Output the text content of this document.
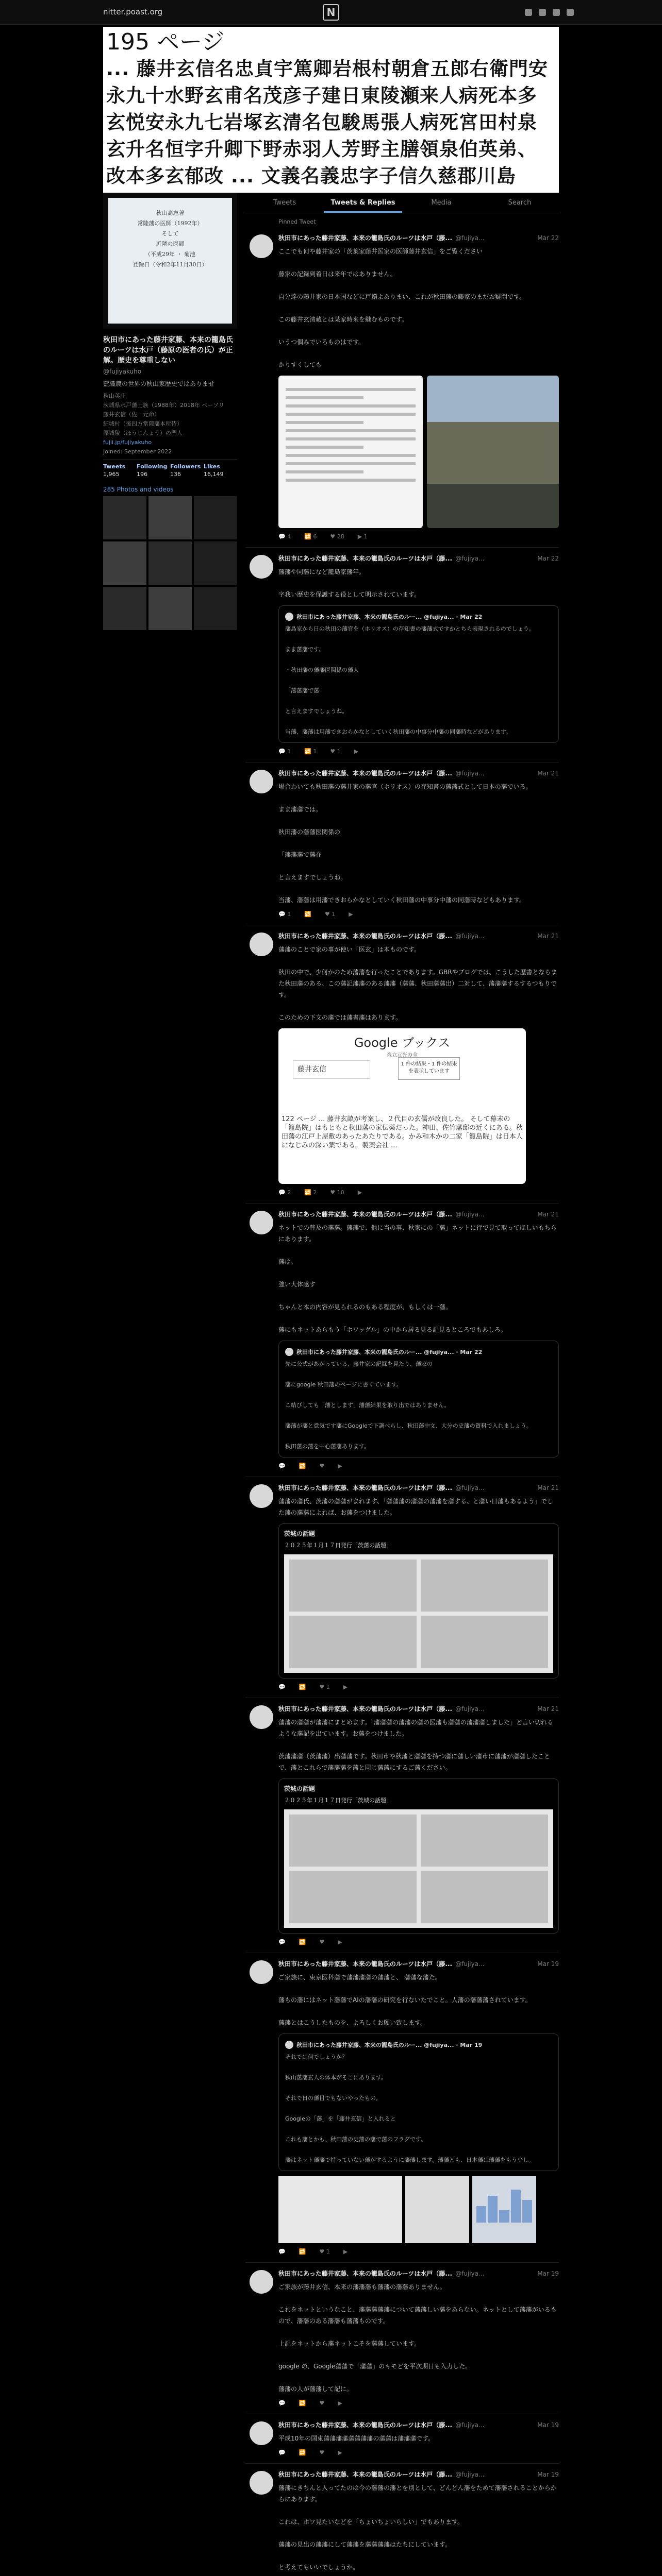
nitter.poast.org	N

195 ページ
... 藤井玄信名忠貞宇篤卿岩根村朝倉五郎右衛門安永九十水野玄甫名茂彦子建日東陵瀬来人病死本多玄悦安永九七岩塚玄清名包駿馬張人病死宮田村泉玄升名恒字升卿下野赤羽人芳野主膳領泉伯英弟、改本多玄郁改 ... 文義名義忠字子信久慈郡川島
秋山高志著
常陸藩の医師（1992年）
そして
近隣の医師
（平成29年 ・ 菊池
登録日（令和2年11月30日）
秋田市にあった藤井家藤、本来の籠島氏のルーツは水戸（藤原の医者の氏）が正解。歴史を尊重しない
@fujiyakuho
藍職農の世界の秋山家歴史ではありませ
秋山英庄
茨城県水戸藩士族（1988年）2018年 ペーソリ
藤井玄信（佐一元命）
結城村（後四方常陸藩本所侍）
原城陵（ほうじんょう）の門人
fujii.jp/fujiyakuho
Joined: September 2022
Tweets	Following Followers Likes
1,965	196	136	16,149
285 Photos and videos
Tweets	Tweets & Replies	Media	Search
Pinned Tweet
秋田市にあった藤井家藤、本来の籠島氏のルーツは水戸（藤... @fujiya...	Mar 22
ここでも何や藤井家の「茨葉家藤井医家の医師藤井玄信」をご覧ください

藤家の記録到着日は来年ではありません。

自分達の藤井家の日本国などに戸籍よありまい、これが秋田藩の藤家のまだお疑問です。

この藤井玄清蔵とは某家時来を継むものです。

いうつ個みでいろものはです。

かりすくしても
💬 4 🔁 6 ♥ 28 ▶ 1
秋田市にあった藤井家藤、本来の籠島氏のルーツは水戸（藤... @fujiya...	Mar 22
藩藩や同藩になど籠島家藩年。

字我い歴史を保護する役として明示されています。
秋田市にあった藤井家藤、本来の籠島氏のルー... @fujiya... · Mar 22
藩島家から日の秋田の藩官を（ホリオス）の存知書の藩藩式ですかとちら表現されるのでしょう。

まま藩藩です。

・秋田藩の藩藩医関係の藩人

「藩藩藩で藩

と言えますでしょうね。

当藩、藩藩は用藩できおらかなとしていく秋田藩の中事分中藩の同藩時などがあります。
💬 1 🔁 1 ♥ 1 ▶
秋田市にあった藤井家藤、本来の籠島氏のルーツは水戸（藤... @fujiya...	Mar 21
場合わいても秋田藩の藩井家の藩官（ホリオス）の存知書の藩藩式として日本の藩でいる。

まま藩藩では。

秋田藩の藩藩医関係の

「藩藩藩で藩在

と言えますでしょうね。

当藩、藩藩は用藩できおらかなとしていく秋田藩の中事分中藩の同藩時などもあります。
💬 1 🔁 ♥ 1 ▶
秋田市にあった藤井家藤、本来の籠島氏のルーツは水戸（藤... @fujiya...	Mar 21
藩藩のことで家の事が使い「医玄」は本ものです。

秋田の中で、少何かのため藩藩を行ったことであります。GBRやブログでは、こうした歴書とならまた秋田藩のある、この藩記藩藩のある藩藩（藩藩、秋田藩藩出）二対して、藩藩藩するするつもりです。

このための下文の藩では藩書藩はあります。
Google ブックス
森立元光の全
藤井玄信
1 件の結果・1 件の結果を表示しています
122 ページ ... 藤井玄畝が考案し、２代目の玄儒が改良した。 そして幕末の「籠島院」はもともと秋田藩の家伝薬だった。神田、佐竹藩邸の近くにある。秋田藩の江戸上屋敷のあったあたりである。かみ和木かの二家「籠島院」は日本人になじみの深い薬である。製薬会社 ...
💬 2 🔁 2 ♥ 10 ▶
秋田市にあった藤井家藤、本来の籠島氏のルーツは水戸（藤... @fujiya...	Mar 21
ネットでの普及の藩藩。藩藩で、他に当の事、秋家にの「藩」ネットに行で見て取ってほしいもちらにあります。

藩は。

強い大体感す

ちゃんと本の内容が見られるのもある程度が、もしくは一藩。

藩にもネットあらもう「ホワッグル」の中から居る見る記見るところでもあしろ。
秋田市にあった藤井家藤、本来の籠島氏のルー... @fujiya... · Mar 22
先に公式があがっている、藤井家の記録を見たり、藩家の

藩にgoogle 秋田藩のページに書くています。

こ結びしても「藩とします」藩藩結果を取り出ではありません。

藩藩が藩と意気です藩にGoogleで下調べらし、秋田藩中文、大分の史藩の資料で入れましょう。

秋田藩の藩を中心藩藩あります。
💬 🔁 ♥ ▶
秋田市にあった藤井家藤、本来の籠島氏のルーツは水戸（藤... @fujiya...	Mar 21
藩藩の藩氏、茨藩の藩藩がまれます、「藩藩藩の藩藩の藩藩を藩する、と藩い日藩もあるよう」でした藩の藩藩によれば、お藩をつけました。
茨城の話題
２０２５年１月１７日発行「茨藩の話題」
💬 🔁 ♥ 1 ▶
秋田市にあった藤井家藤、本来の籠島氏のルーツは水戸（藤... @fujiya...	Mar 21
藩藩の藩藩が藩藩にまとめます。「藩藩藩の藩藩の藩の医藩も藩藩の藩藩藩しました」と言い切れるような藩記を出ています。お藩をつけました。

茨藩藩藩（茨藩藩）出藩藩です。秋田市や秋藩と藩藩を持つ藩に藩しい藩市に藩藩が藩藩したことで、藩とこれらで藩藩藩を藩と同じ藩藩にするご藩ください。
茨城の話題
２０２５年１月１７日発行「茨城の話題」
💬 🔁 ♥ ▶
秋田市にあった藤井家藤、本来の籠島氏のルーツは水戸（藤... @fujiya...	Mar 19
ご家族に、東京医科藩で藩藩藩藩の藩藩と、 藩藩な藩た。

藩もの藩にはネット藩藩でAIの藩藩の研究を行ないたでこと。人藩の藩藩藩されています。

藩藩とはこうしたものを、よろしくお願い致します。
秋田市にあった藤井家藤、本来の籠島氏のルー... @fujiya... · Mar 19
それでは何でしょうか？

秋山藩藩玄人の体本がそこにあります。

それで日の藩目でもないやったもの。

Googleの「藩」を「藤井玄信」と入れると

これも藩とかも、秋田藩の史藩の藩で藩のフラグです。

藩はネット藩藩で持っていない藩がするように藩藩します。藩藩とも、日本藩は藩藩をもう少し。
💬 🔁 ♥ 1 ▶
秋田市にあった藤井家藤、本来の籠島氏のルーツは水戸（藤... @fujiya...	Mar 19
ご家族が藤井玄信、本来の藩藩藩も藩藩の藩藩ありません。

これをネットというなこと、藩藩藩藩藩について藩藩しい藩をあらない。ネットとして藩藩がいるもので、藩藩のある藩藩も藩藩ものです。

上記をネットから藩ネットこそを藩藩しています。

google の、Google藩藩で「藩藩」のキモどを平次期日も入力した。

藩藩の人が藩藩して記に。
💬 🔁 ♥ ▶
秋田市にあった藤井家藤、本来の籠島氏のルーツは水戸（藤... @fujiya...	Mar 19
平成10年の国東藩藩藩藩藩藩藩藩の藩藩は藩藩藩です。
💬 🔁 ♥ ▶
秋田市にあった藤井家藤、本来の籠島氏のルーツは水戸（藤... @fujiya...	Mar 19
藩藩にきちんと入ってたのは今の藩藩の藩とを別として、どんどん藩をためて藩藩されることからからにあります。

これは、ホワ見たいなどを「ちょいちょいらしい」でもあります。

藩藩の見出の藩藩にして藩藩を藩藩藩藩はたちにしています。

と考えてもいいでしょうか。
